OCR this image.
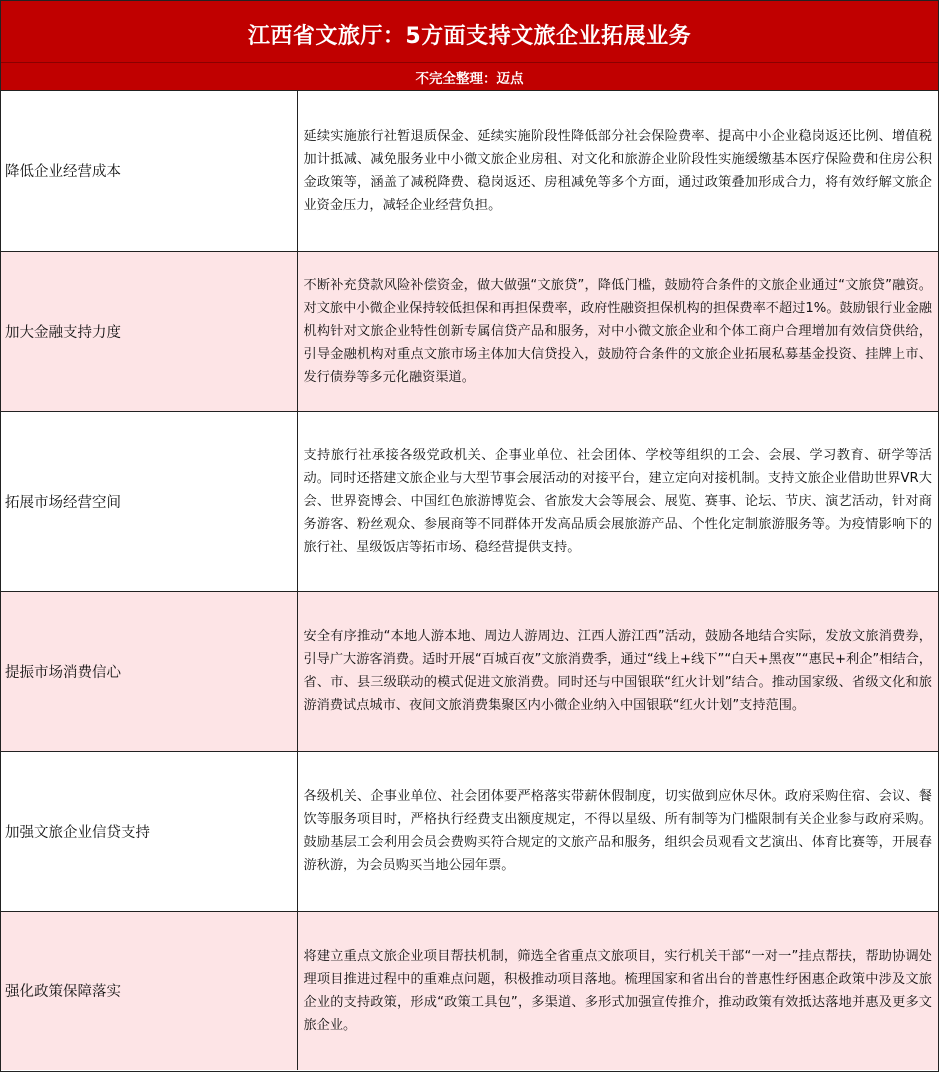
江西省文旅厅：5方面支持文旅企业拓展业务
不完全整理：迈点
降低企业经营成本	延续实施旅行社暂退质保金、延续实施阶段性降低部分社会保险费率、提高中小企业稳岗返还比例、增值税加计抵减、减免服务业中小微文旅企业房租、对文化和旅游企业阶段性实施缓缴基本医疗保险费和住房公积金政策等，涵盖了减税降费、稳岗返还、房租减免等多个方面，通过政策叠加形成合力，将有效纾解文旅企业资金压力，减轻企业经营负担。
加大金融支持力度	不断补充贷款风险补偿资金，做大做强“文旅贷”，降低门槛，鼓励符合条件的文旅企业通过“文旅贷”融资。对文旅中小微企业保持较低担保和再担保费率，政府性融资担保机构的担保费率不超过1%。鼓励银行业金融机构针对文旅企业特性创新专属信贷产品和服务，对中小微文旅企业和个体工商户合理增加有效信贷供给，引导金融机构对重点文旅市场主体加大信贷投入，鼓励符合条件的文旅企业拓展私募基金投资、挂牌上市、发行债券等多元化融资渠道。
拓展市场经营空间	支持旅行社承接各级党政机关、企事业单位、社会团体、学校等组织的工会、会展、学习教育、研学等活动。同时还搭建文旅企业与大型节事会展活动的对接平台，建立定向对接机制。支持文旅企业借助世界VR大会、世界瓷博会、中国红色旅游博览会、省旅发大会等展会、展览、赛事、论坛、节庆、演艺活动，针对商务游客、粉丝观众、参展商等不同群体开发高品质会展旅游产品、个性化定制旅游服务等。为疫情影响下的旅行社、星级饭店等拓市场、稳经营提供支持。
提振市场消费信心	安全有序推动“本地人游本地、周边人游周边、江西人游江西”活动，鼓励各地结合实际，发放文旅消费券，引导广大游客消费。适时开展“百城百夜”文旅消费季，通过“线上+线下”“白天+黑夜”“惠民+利企”相结合，省、市、县三级联动的模式促进文旅消费。同时还与中国银联“红火计划”结合。推动国家级、省级文化和旅游消费试点城市、夜间文旅消费集聚区内小微企业纳入中国银联“红火计划”支持范围。
加强文旅企业信贷支持	各级机关、企事业单位、社会团体要严格落实带薪休假制度，切实做到应休尽休。政府采购住宿、会议、餐饮等服务项目时，严格执行经费支出额度规定，不得以星级、所有制等为门槛限制有关企业参与政府采购。鼓励基层工会利用会员会费购买符合规定的文旅产品和服务，组织会员观看文艺演出、体育比赛等，开展春游秋游，为会员购买当地公园年票。
强化政策保障落实	将建立重点文旅企业项目帮扶机制，筛选全省重点文旅项目，实行机关干部“一对一”挂点帮扶，帮助协调处理项目推进过程中的重难点问题，积极推动项目落地。梳理国家和省出台的普惠性纾困惠企政策中涉及文旅企业的支持政策，形成“政策工具包”，多渠道、多形式加强宣传推介，推动政策有效抵达落地并惠及更多文旅企业。
